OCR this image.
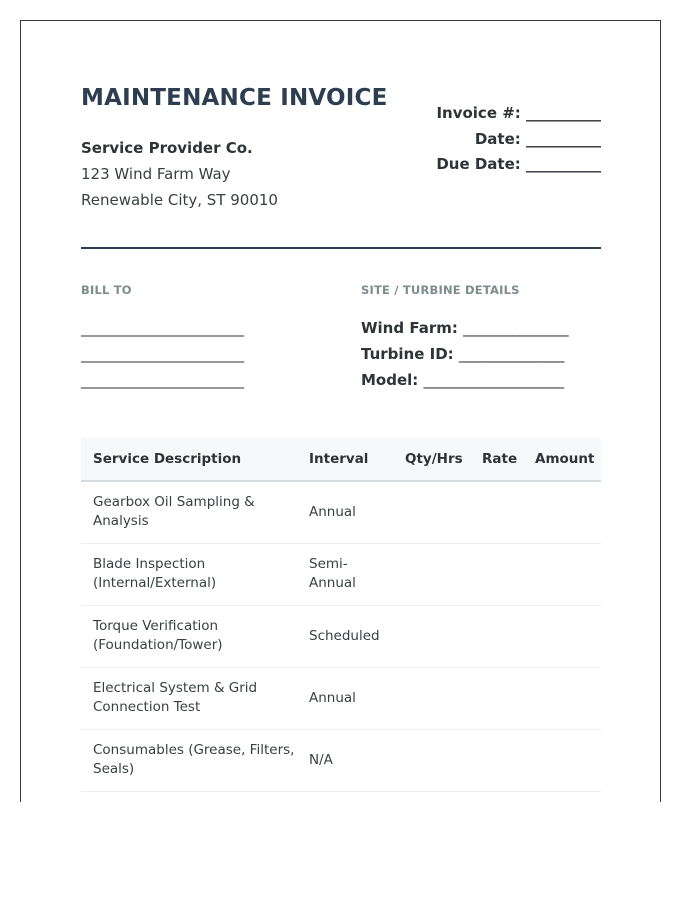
MAINTENANCE INVOICE
Service Provider Co.
123 Wind Farm Way
Renewable City, ST 90010
Invoice #: __________
Date: __________
Due Date: __________
BILL TO
_________________________
_________________________
_________________________
SITE / TURBINE DETAILS
Wind Farm: _______________
Turbine ID: _______________
Model: ____________________
Service Description	Interval	Qty/Hrs	Rate	Amount
Gearbox Oil Sampling & Analysis	Annual			
Blade Inspection (Internal/External)	Semi-Annual			
Torque Verification (Foundation/Tower)	Scheduled			
Electrical System & Grid Connection Test	Annual			
Consumables (Grease, Filters, Seals)	N/A			
